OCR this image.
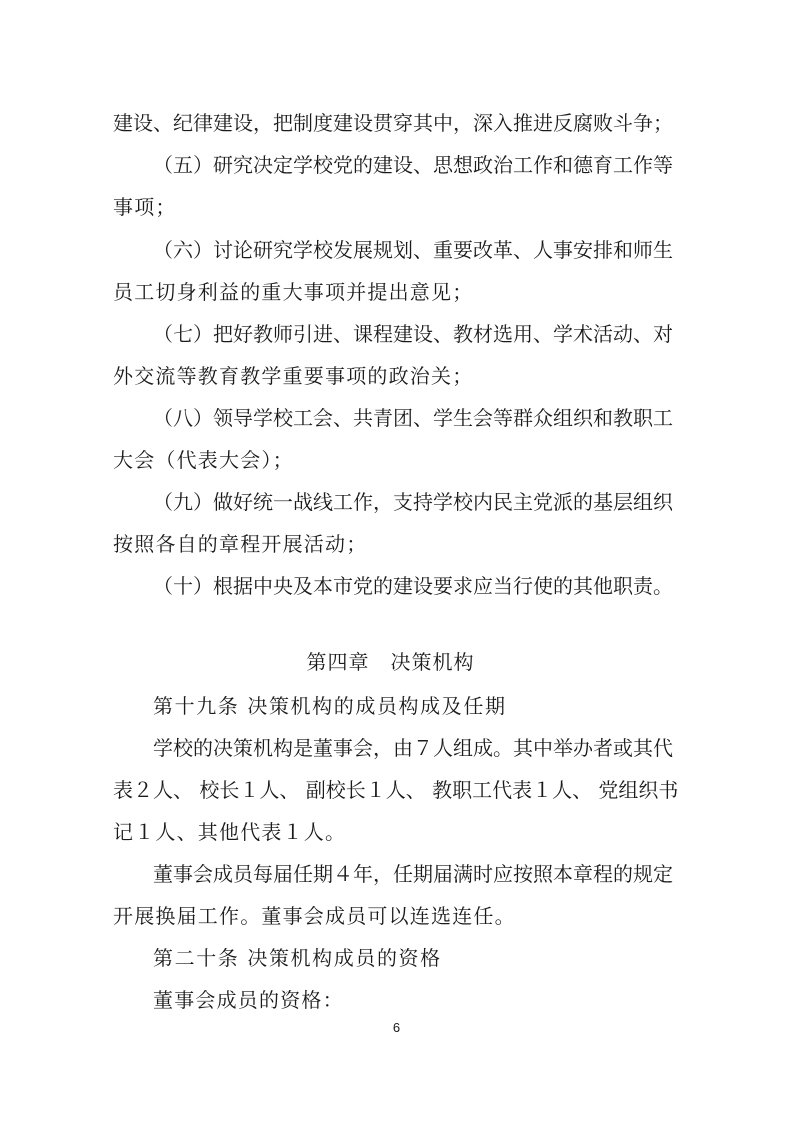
建设、纪律建设，把制度建设贯穿其中，深入推进反腐败斗争；
（五）研究决定学校党的建设、思想政治工作和德育工作等
事项；
（六）讨论研究学校发展规划、重要改革、人事安排和师生
员工切身利益的重大事项并提出意见；
（七）把好教师引进、课程建设、教材选用、学术活动、对
外交流等教育教学重要事项的政治关；
（八）领导学校工会、共青团、学生会等群众组织和教职工
大会（代表大会）；
（九）做好统一战线工作，支持学校内民主党派的基层组织
按照各自的章程开展活动；
（十）根据中央及本市党的建设要求应当行使的其他职责。
第四章　决策机构
第十九条 决策机构的成员构成及任期
学校的决策机构是董事会，由７人组成。其中举办者或其代
表２人、 校长１人、 副校长１人、 教职工代表１人、 党组织书
记１人、其他代表１人。
董事会成员每届任期４年，任期届满时应按照本章程的规定
开展换届工作。董事会成员可以连选连任。
第二十条 决策机构成员的资格
董事会成员的资格：
6
